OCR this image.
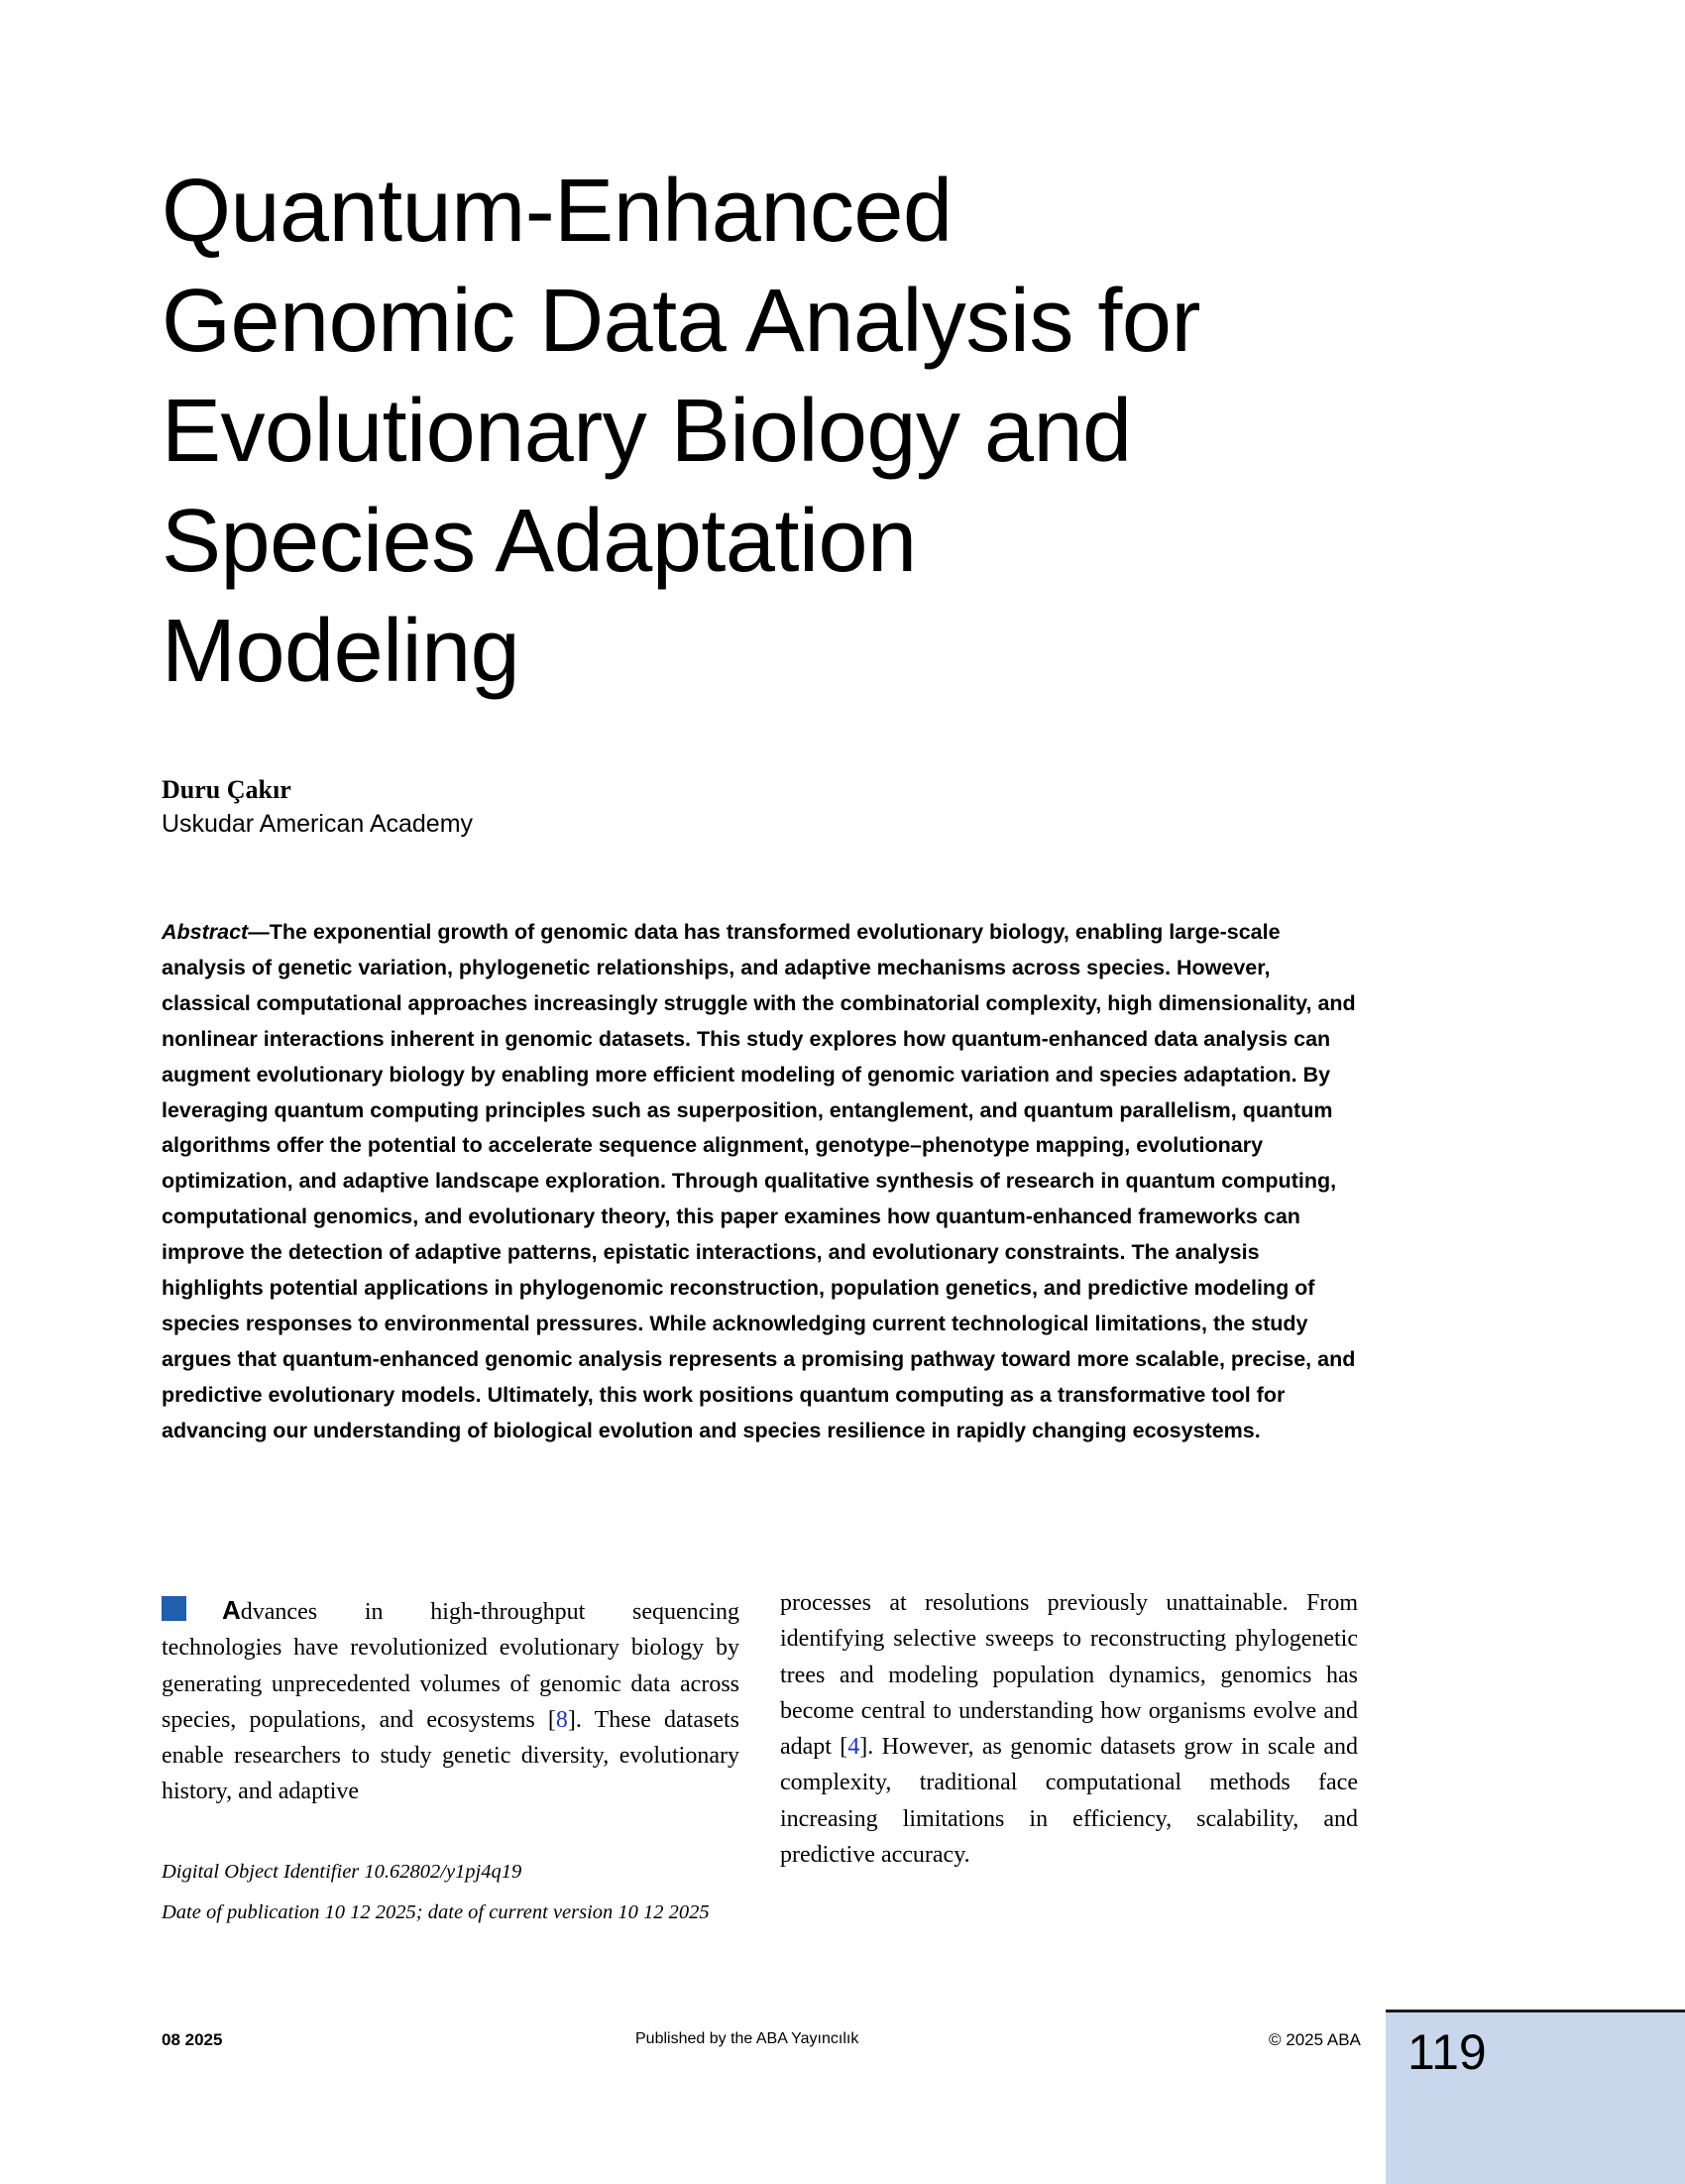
Quantum-Enhanced
Genomic Data Analysis for
Evolutionary Biology and
Species Adaptation
Modeling
Duru Çakır
Uskudar American Academy

Abstract—The exponential growth of genomic data has transformed evolutionary biology, enabling large-scale analysis of genetic variation, phylogenetic relationships, and adaptive mechanisms across species. However, classical computational approaches increasingly struggle with the combinatorial complexity, high dimensionality, and nonlinear interactions inherent in genomic datasets. This study explores how quantum-enhanced data analysis can augment evolutionary biology by enabling more efficient modeling of genomic variation and species adaptation. By leveraging quantum computing principles such as superposition, entanglement, and quantum parallelism, quantum algorithms offer the potential to accelerate sequence alignment, genotype–phenotype mapping, evolutionary optimization, and adaptive landscape exploration. Through qualitative synthesis of research in quantum computing, computational genomics, and evolutionary theory, this paper examines how quantum-enhanced frameworks can improve the detection of adaptive patterns, epistatic interactions, and evolutionary constraints. The analysis highlights potential applications in phylogenomic reconstruction, population genetics, and predictive modeling of species responses to environmental pressures. While acknowledging current technological limitations, the study argues that quantum-enhanced genomic analysis represents a promising pathway toward more scalable, precise, and predictive evolutionary models. Ultimately, this work positions quantum computing as a transformative tool for advancing our understanding of biological evolution and species resilience in rapidly changing ecosystems.

Advances in high-throughput sequencing technologies have revolutionized evolutionary biology by generating unprecedented volumes of genomic data across species, populations, and ecosystems [8]. These datasets enable researchers to study genetic diversity, evolutionary history, and adaptive

processes at resolutions previously unattainable. From identifying selective sweeps to reconstructing phylogenetic trees and modeling population dynamics, genomics has become central to understanding how organisms evolve and adapt [4]. However, as genomic datasets grow in scale and complexity, traditional computational methods face increasing limitations in efficiency, scalability, and predictive accuracy.

Digital Object Identifier 10.62802/y1pj4q19

Date of publication 10 12 2025; date of current version 10 12 2025

08 2025	Published by the ABA Yayıncılık	© 2025 ABA 119
